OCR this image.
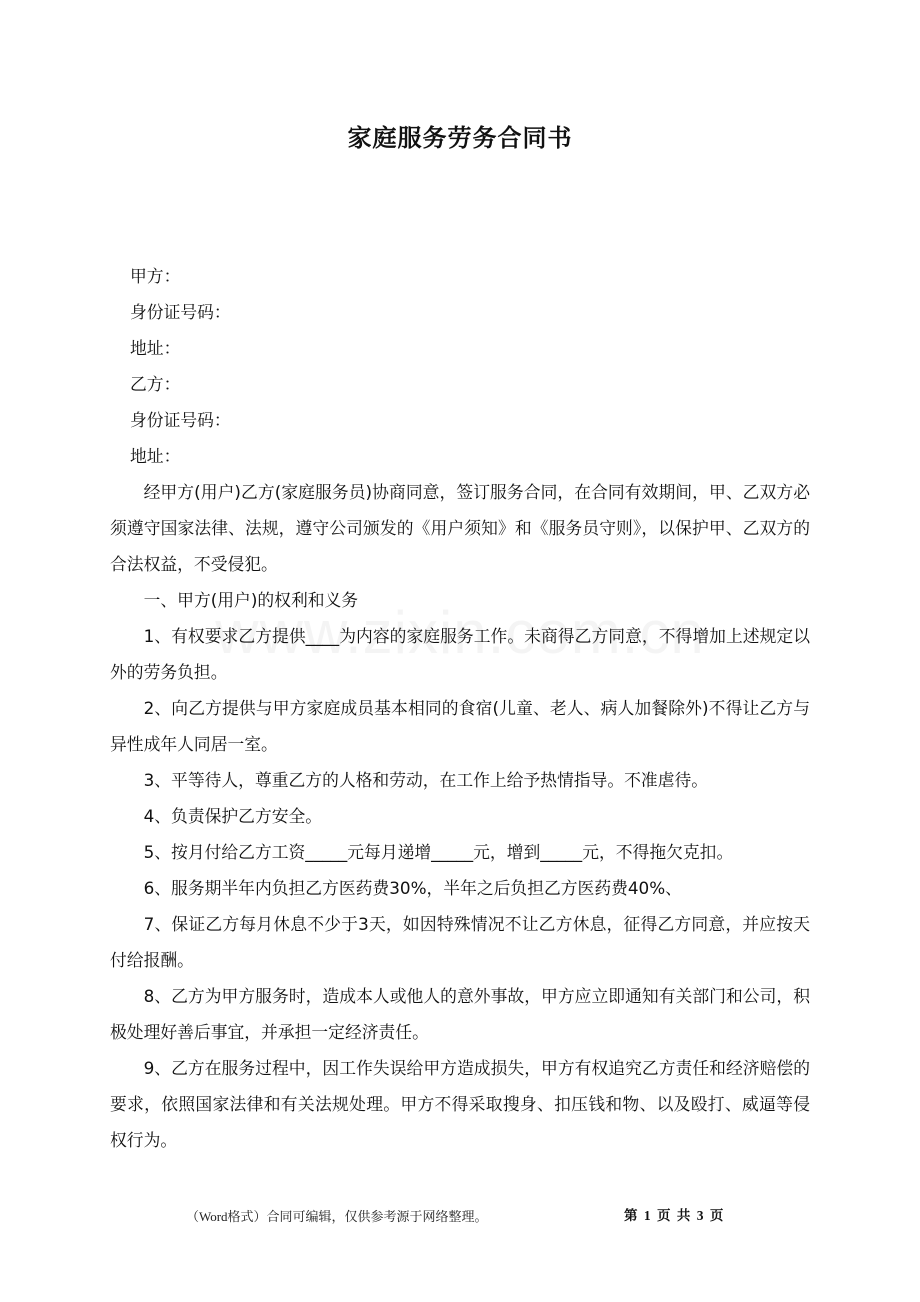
家庭服务劳务合同书

甲方：

身份证号码：

地址：

乙方：

身份证号码：

地址：

经甲方(用户)乙方(家庭服务员)协商同意，签订服务合同，在合同有效期间，甲、乙双方必须遵守国家法律、法规，遵守公司颁发的《用户须知》和《服务员守则》，以保护甲、乙双方的合法权益，不受侵犯。

一、甲方(用户)的权利和义务

1、有权要求乙方提供____为内容的家庭服务工作。未商得乙方同意，不得增加上述规定以外的劳务负担。

2、向乙方提供与甲方家庭成员基本相同的食宿(儿童、老人、病人加餐除外)不得让乙方与异性成年人同居一室。

3、平等待人，尊重乙方的人格和劳动，在工作上给予热情指导。不准虐待。

4、负责保护乙方安全。

5、按月付给乙方工资_____元每月递增_____元，增到_____元，不得拖欠克扣。

6、服务期半年内负担乙方医药费30%，半年之后负担乙方医药费40%、

7、保证乙方每月休息不少于3天，如因特殊情况不让乙方休息，征得乙方同意，并应按天付给报酬。

8、乙方为甲方服务时，造成本人或他人的意外事故，甲方应立即通知有关部门和公司，积极处理好善后事宜，并承担一定经济责任。

9、乙方在服务过程中，因工作失误给甲方造成损失，甲方有权追究乙方责任和经济赔偿的要求，依照国家法律和有关法规处理。甲方不得采取搜身、扣压钱和物、以及殴打、威逼等侵权行为。

（Word格式）合同可编辑，仅供参考源于网络整理。	第 1 页 共 3 页
